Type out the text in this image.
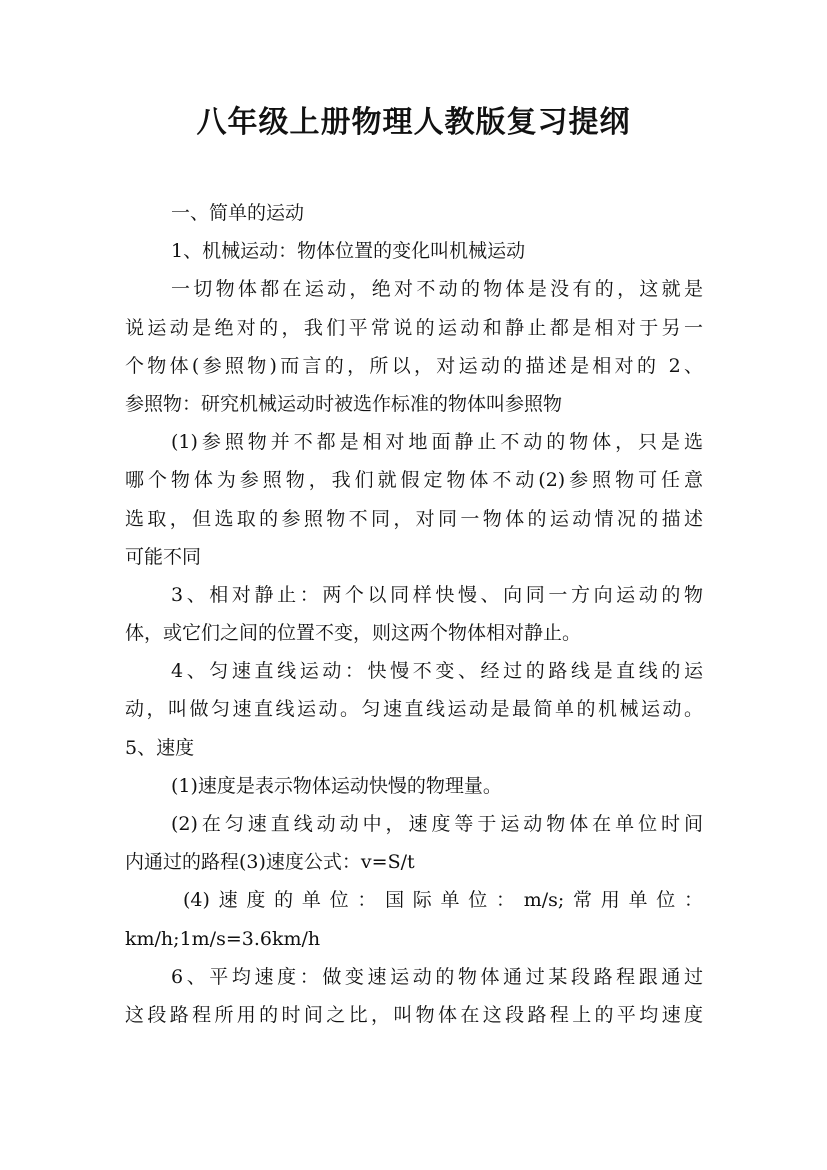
八年级上册物理人教版复习提纲
一、简单的运动
1、机械运动：物体位置的变化叫机械运动
一切物体都在运动，绝对不动的物体是没有的，这就是
说运动是绝对的，我们平常说的运动和静止都是相对于另一
个物体(参照物)而言的，所以，对运动的描述是相对的 2、
参照物：研究机械运动时被选作标准的物体叫参照物
(1)参照物并不都是相对地面静止不动的物体，只是选
哪个物体为参照物，我们就假定物体不动(2)参照物可任意
选取，但选取的参照物不同，对同一物体的运动情况的描述
可能不同
3、相对静止：两个以同样快慢、向同一方向运动的物
体，或它们之间的位置不变，则这两个物体相对静止。
4、匀速直线运动：快慢不变、经过的路线是直线的运
动，叫做匀速直线运动。匀速直线运动是最简单的机械运动。
5、速度
(1)速度是表示物体运动快慢的物理量。
(2)在匀速直线动动中，速度等于运动物体在单位时间
内通过的路程(3)速度公式：v=S/t
(4)速度的单位：国际单位：m/s;常用单位：
km/h;1m/s=3.6km/h
6、平均速度：做变速运动的物体通过某段路程跟通过
这段路程所用的时间之比，叫物体在这段路程上的平均速度
